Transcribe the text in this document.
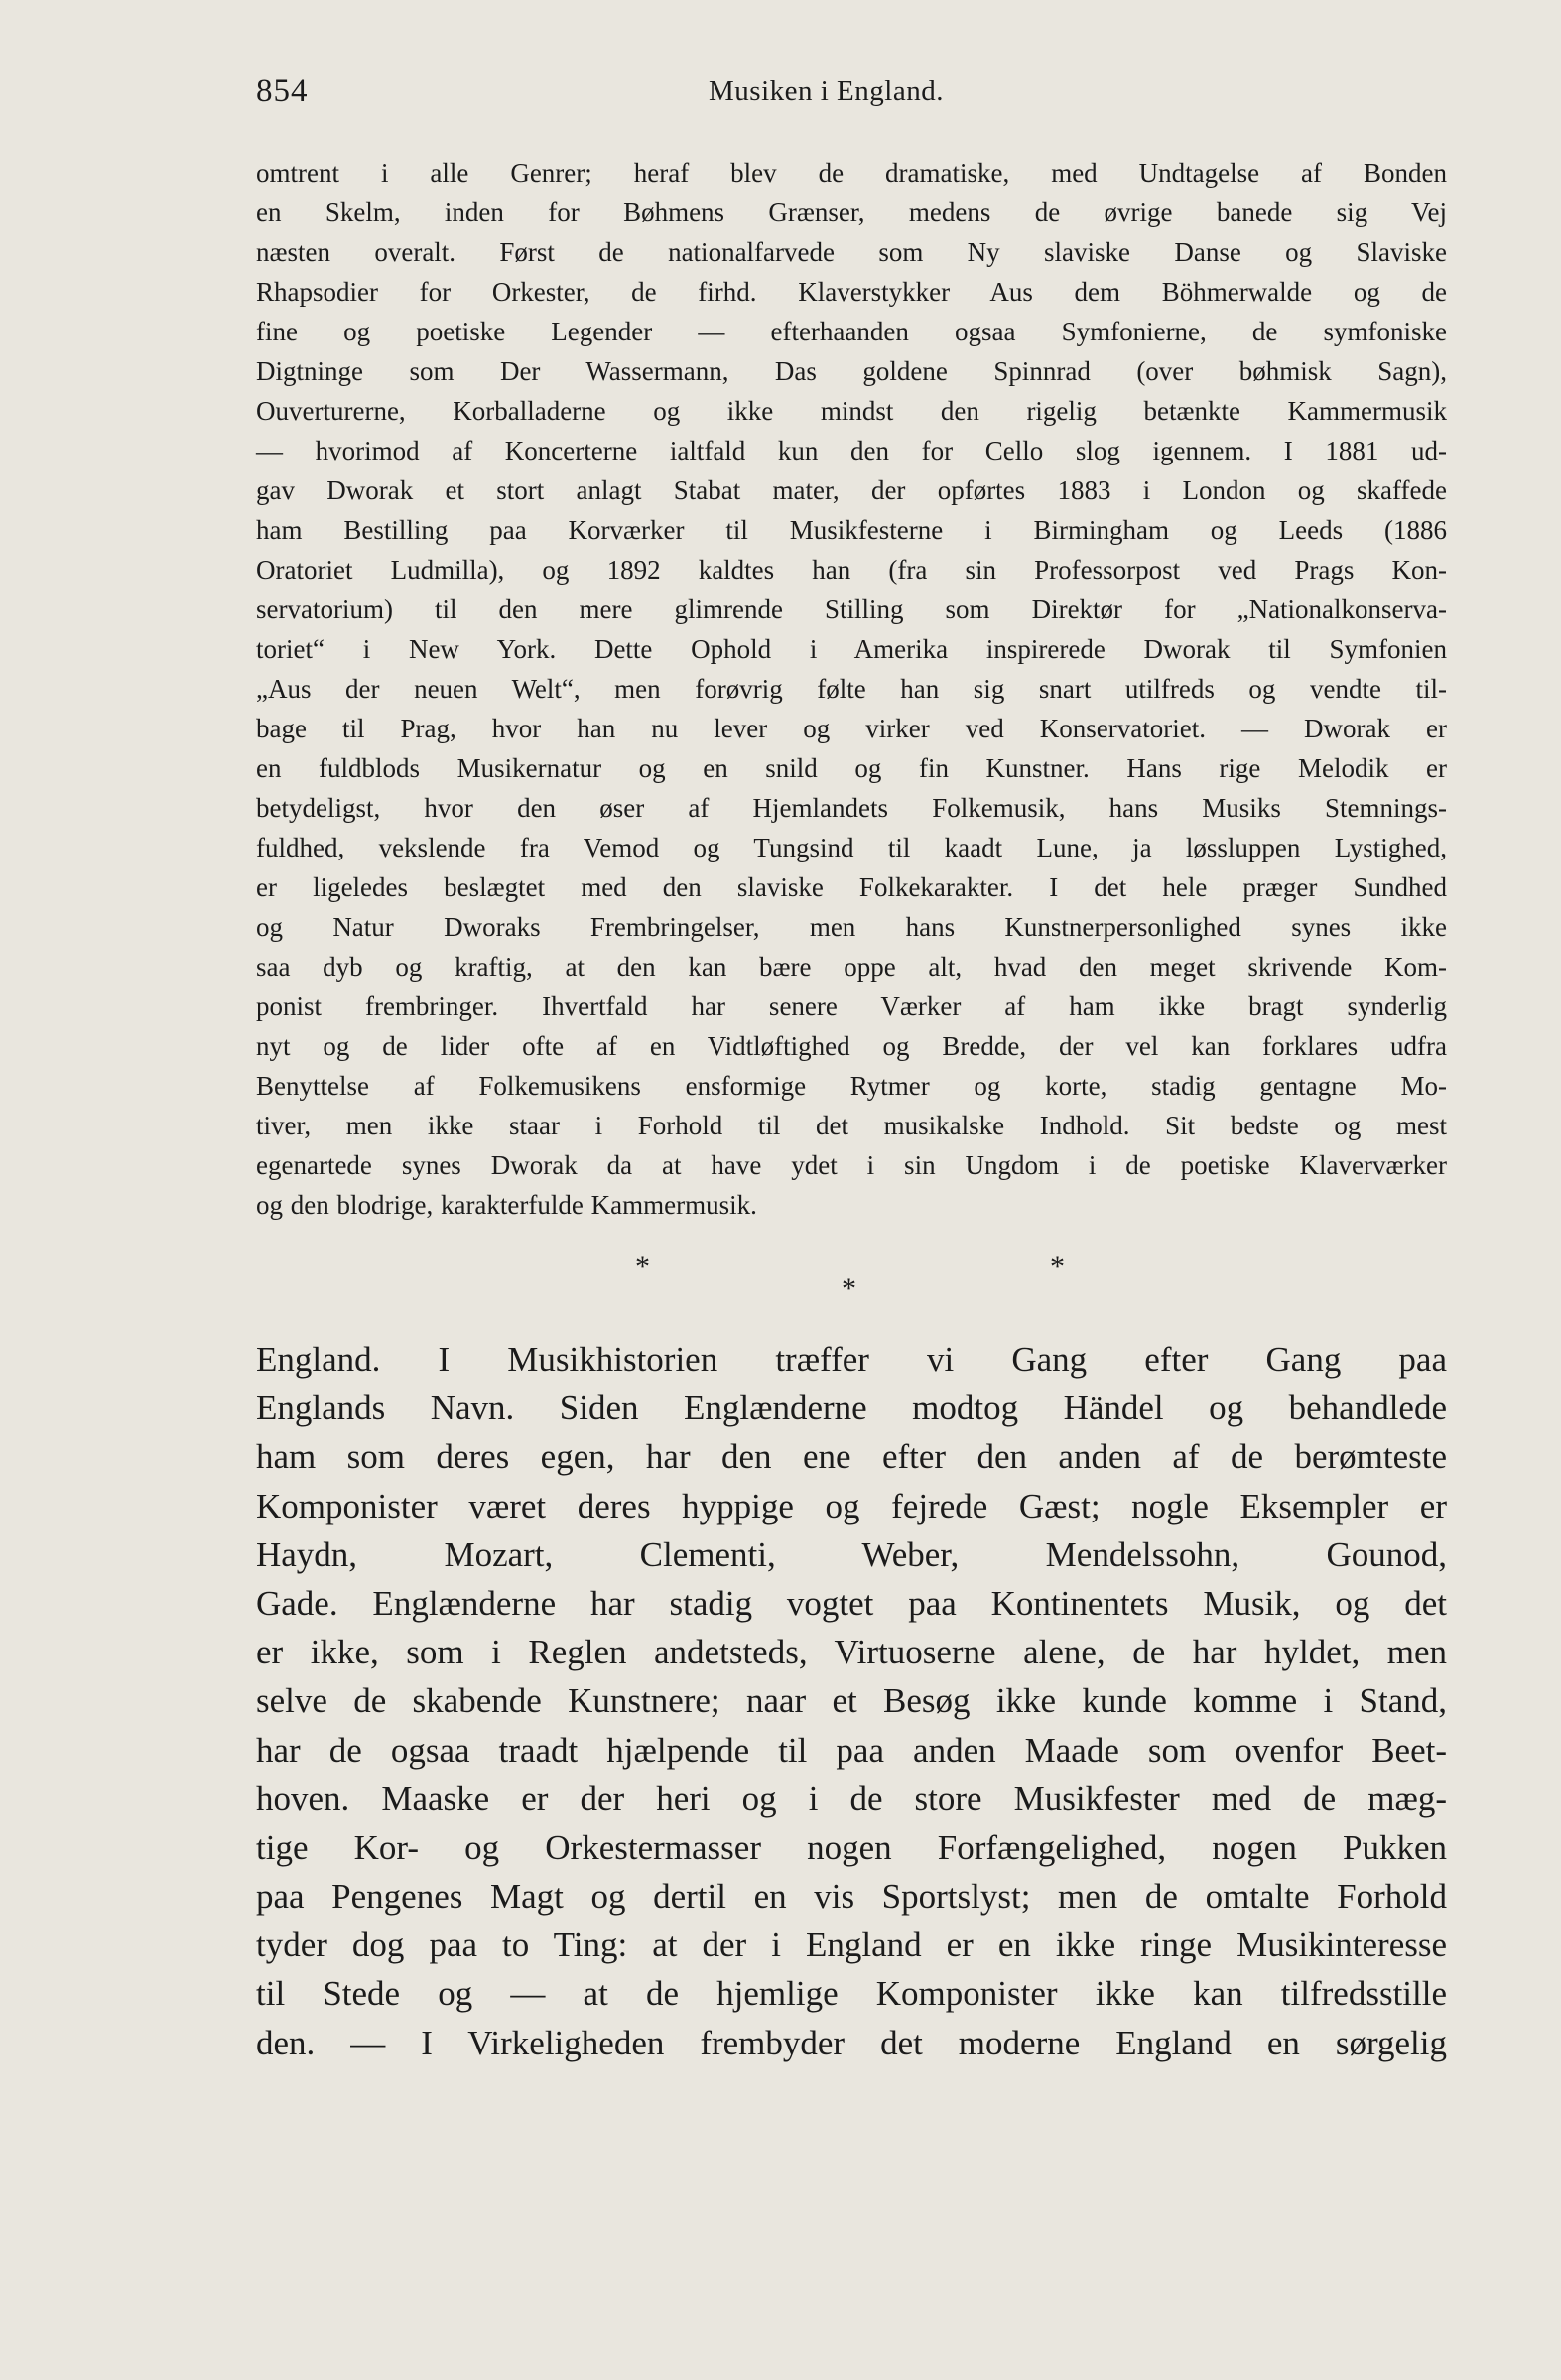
854	Musiken i England.
omtrent i alle Genrer; heraf blev de dramatiske, med Undtagelse af Bonden
en Skelm, inden for Bøhmens Grænser, medens de øvrige banede sig Vej
næsten overalt. Først de nationalfarvede som Ny slaviske Danse og Slaviske
Rhapsodier for Orkester, de firhd. Klaverstykker Aus dem Böhmerwalde og de
fine og poetiske Legender — efterhaanden ogsaa Symfonierne, de symfoniske
Digtninge som Der Wassermann, Das goldene Spinnrad (over bøhmisk Sagn),
Ouverturerne, Korballaderne og ikke mindst den rigelig betænkte Kammermusik
— hvorimod af Koncerterne ialtfald kun den for Cello slog igennem. I 1881 ud-
gav Dworak et stort anlagt Stabat mater, der opførtes 1883 i London og skaffede
ham Bestilling paa Korværker til Musikfesterne i Birmingham og Leeds (1886
Oratoriet Ludmilla), og 1892 kaldtes han (fra sin Professorpost ved Prags Kon-
servatorium) til den mere glimrende Stilling som Direktør for „Nationalkonserva-
toriet“ i New York. Dette Ophold i Amerika inspirerede Dworak til Symfonien
„Aus der neuen Welt“, men forøvrig følte han sig snart utilfreds og vendte til-
bage til Prag, hvor han nu lever og virker ved Konservatoriet. — Dworak er
en fuldblods Musikernatur og en snild og fin Kunstner. Hans rige Melodik er
betydeligst, hvor den øser af Hjemlandets Folkemusik, hans Musiks Stemnings-
fuldhed, vekslende fra Vemod og Tungsind til kaadt Lune, ja løssluppen Lystighed,
er ligeledes beslægtet med den slaviske Folkekarakter. I det hele præger Sundhed
og Natur Dworaks Frembringelser, men hans Kunstnerpersonlighed synes ikke
saa dyb og kraftig, at den kan bære oppe alt, hvad den meget skrivende Kom-
ponist frembringer. Ihvertfald har senere Værker af ham ikke bragt synderlig
nyt og de lider ofte af en Vidtløftighed og Bredde, der vel kan forklares udfra
Benyttelse af Folkemusikens ensformige Rytmer og korte, stadig gentagne Mo-
tiver, men ikke staar i Forhold til det musikalske Indhold. Sit bedste og mest
egenartede synes Dworak da at have ydet i sin Ungdom i de poetiske Klaverværker
og den blodrige, karakterfulde Kammermusik.
*
*
*
England. I Musikhistorien træffer vi Gang efter Gang paa
Englands Navn. Siden Englænderne modtog Händel og behandlede
ham som deres egen, har den ene efter den anden af de berømteste
Komponister været deres hyppige og fejrede Gæst; nogle Eksempler er
Haydn, Mozart, Clementi, Weber, Mendelssohn, Gounod,
Gade. Englænderne har stadig vogtet paa Kontinentets Musik, og det
er ikke, som i Reglen andetsteds, Virtuoserne alene, de har hyldet, men
selve de skabende Kunstnere; naar et Besøg ikke kunde komme i Stand,
har de ogsaa traadt hjælpende til paa anden Maade som ovenfor Beet-
hoven. Maaske er der heri og i de store Musikfester med de mæg-
tige Kor- og Orkestermasser nogen Forfængelighed, nogen Pukken
paa Pengenes Magt og dertil en vis Sportslyst; men de omtalte Forhold
tyder dog paa to Ting: at der i England er en ikke ringe Musikinteresse
til Stede og — at de hjemlige Komponister ikke kan tilfredsstille
den. — I Virkeligheden frembyder det moderne England en sørgelig
